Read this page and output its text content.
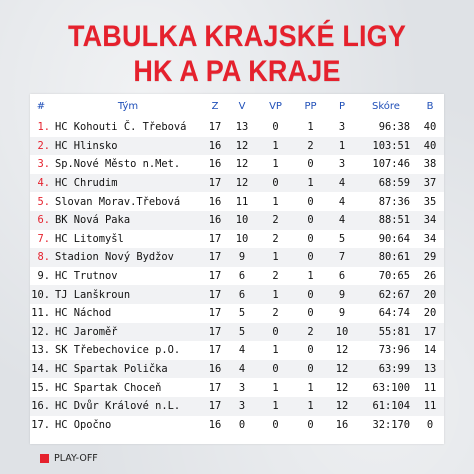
TABULKA KRAJSKÉ LIGY
HK A PA KRAJE
#	Tým	Z	V	VP	PP	P	Skóre	B
1.	HC Kohouti Č. Třebová	17	13	0	1	3	96:38	40
2.	HC Hlinsko	16	12	1	2	1	103:51	40
3.	Sp.Nové Město n.Met.	16	12	1	0	3	107:46	38
4.	HC Chrudim	17	12	0	1	4	68:59	37
5.	Slovan Morav.Třebová	16	11	1	0	4	87:36	35
6.	BK Nová Paka	16	10	2	0	4	88:51	34
7.	HC Litomyšl	17	10	2	0	5	90:64	34
8.	Stadion Nový Bydžov	17	9	1	0	7	80:61	29
9.	HC Trutnov	17	6	2	1	6	70:65	26
10.	TJ Lanškroun	17	6	1	0	9	62:67	20
11.	HC Náchod	17	5	2	0	9	64:74	20
12.	HC Jaroměř	17	5	0	2	10	55:81	17
13.	SK Třebechovice p.O.	17	4	1	0	12	73:96	14
14.	HC Spartak Polička	16	4	0	0	12	63:99	13
15.	HC Spartak Choceň	17	3	1	1	12	63:100	11
16.	HC Dvůr Králové n.L.	17	3	1	1	12	61:104	11
17.	HC Opočno	16	0	0	0	16	32:170	0
PLAY-OFF
